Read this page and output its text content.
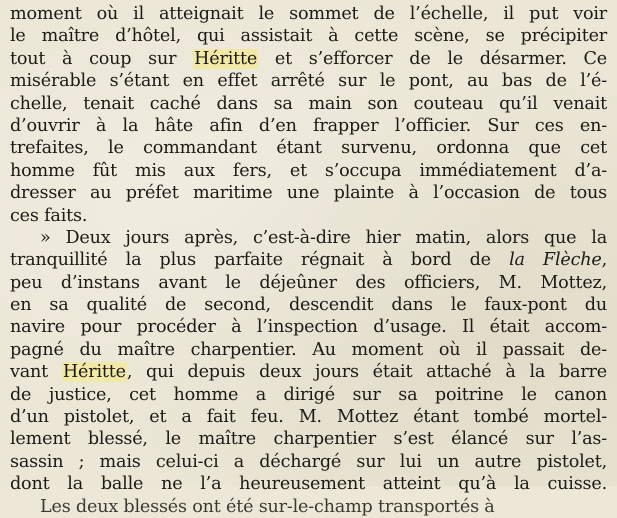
moment où il atteignait le sommet de l’échelle, il put voir
le maître d’hôtel, qui assistait à cette scène, se précipiter
tout à coup sur Héritte et s’efforcer de le désarmer. Ce
misérable s’étant en effet arrêté sur le pont, au bas de l’é-
chelle, tenait caché dans sa main son couteau qu’il venait
d’ouvrir à la hâte afin d’en frapper l’officier. Sur ces en-
trefaites, le commandant étant survenu, ordonna que cet
homme fût mis aux fers, et s’occupa immédiatement d’a-
dresser au préfet maritime une plainte à l’occasion de tous
ces faits.
» Deux jours après, c’est-à-dire hier matin, alors que la
tranquillité la plus parfaite régnait à bord de la Flèche,
peu d’instans avant le déjeûner des officiers, M. Mottez,
en sa qualité de second, descendit dans le faux-pont du
navire pour procéder à l’inspection d’usage. Il était accom-
pagné du maître charpentier. Au moment où il passait de-
vant Héritte, qui depuis deux jours était attaché à la barre
de justice, cet homme a dirigé sur sa poitrine le canon
d’un pistolet, et a fait feu. M. Mottez étant tombé mortel-
lement blessé, le maître charpentier s’est élancé sur l’as-
sassin ; mais celui-ci a déchargé sur lui un autre pistolet,
dont la balle ne l’a heureusement atteint qu’à la cuisse.
Les deux blessés ont été sur-le-champ transportés à
